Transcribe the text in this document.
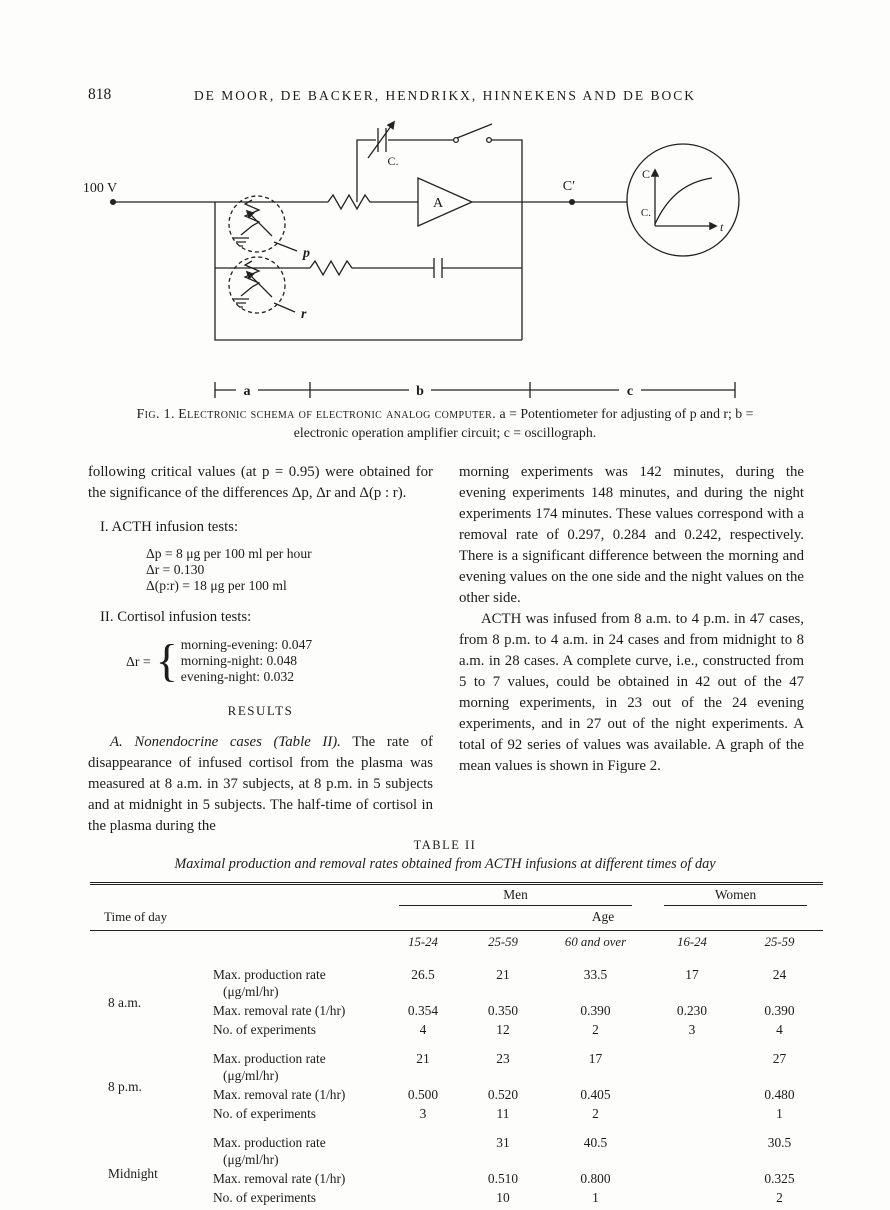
818	DE MOOR, DE BACKER, HENDRIKX, HINNEKENS AND DE BOCK
100 V
C.
A
C′
p
r
C
C.
t
a	b	c

Fig. 1. Electronic schema of electronic analog computer. a = Potentiometer for adjusting of p and r; b = electronic operation amplifier circuit; c = oscillograph.

following critical values (at p = 0.95) were obtained for the significance of the differences Δp, Δr and Δ(p : r).

I. ACTH infusion tests:

Δp = 8 μg per 100 ml per hour
Δr = 0.130
Δ(p:r) = 18 μg per 100 ml

II. Cortisol infusion tests:

Δr = { morning-evening: 0.047
morning-night: 0.048
evening-night: 0.032
RESULTS

A. Nonendocrine cases (Table II). The rate of disappearance of infused cortisol from the plasma was measured at 8 a.m. in 37 subjects, at 8 p.m. in 5 subjects and at midnight in 5 subjects. The half-time of cortisol in the plasma during the

morning experiments was 142 minutes, during the evening experiments 148 minutes, and during the night experiments 174 minutes. These values correspond with a removal rate of 0.297, 0.284 and 0.242, respectively. There is a significant difference between the morning and evening values on the one side and the night values on the other side.

ACTH was infused from 8 a.m. to 4 p.m. in 47 cases, from 8 p.m. to 4 a.m. in 24 cases and from midnight to 8 a.m. in 28 cases. A complete curve, i.e., constructed from 5 to 7 values, could be obtained in 42 out of the 47 morning experiments, in 23 out of the 24 evening experiments, and in 27 out of the night experiments. A total of 92 series of values was available. A graph of the mean values is shown in Figure 2.

TABLE II
Maximal production and removal rates obtained from ACTH infusions at different times of day

		Men			Women	

Time of day		Age				
		15-24	25-59	60 and over	16-24	25-59
8 a.m.	Max. production rate
(μg/ml/hr)	26.5	21	33.5	17	24
	Max. removal rate (1/hr)	0.354	0.350	0.390	0.230	0.390
	No. of experiments	4	12	2	3	4
8 p.m.	Max. production rate
(μg/ml/hr)	21	23	17		27
	Max. removal rate (1/hr)	0.500	0.520	0.405		0.480
	No. of experiments	3	11	2		1
Midnight	Max. production rate
(μg/ml/hr)		31	40.5		30.5
	Max. removal rate (1/hr)		0.510	0.800		0.325
	No. of experiments		10	1		2
